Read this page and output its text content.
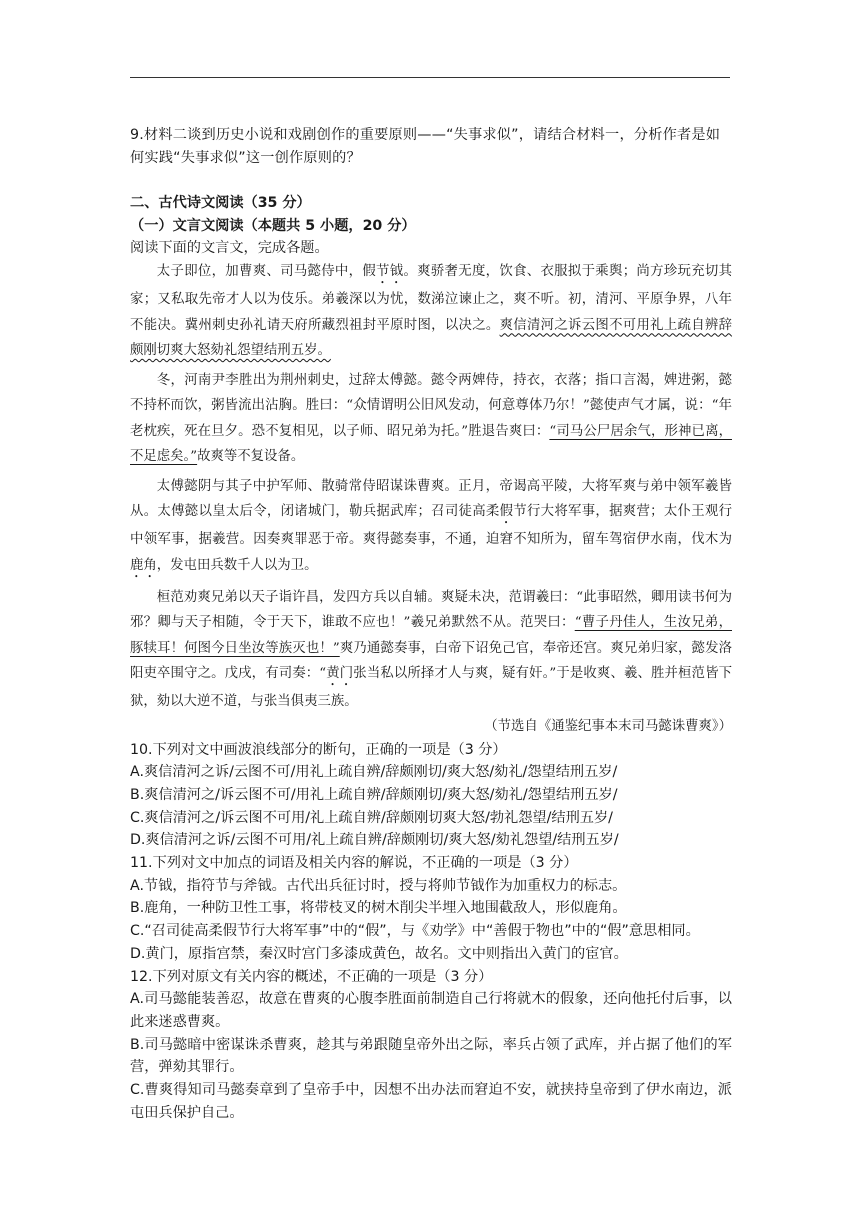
9.材料二谈到历史小说和戏剧创作的重要原则——“失事求似”，请结合材料一，分析作者是如何实践“失事求似”这一创作原则的？

二、古代诗文阅读（35 分）

（一）文言文阅读（本题共 5 小题，20 分）

阅读下面的文言文，完成各题。

太子即位，加曹爽、司马懿侍中，假节钺。爽骄奢无度，饮食、衣服拟于乘舆；尚方珍玩充切其家；又私取先帝才人以为伎乐。弟羲深以为忧，数涕泣谏止之，爽不听。初，清河、平原争界，八年不能决。冀州刺史孙礼请天府所藏烈祖封平原时图，以决之。爽信清河之诉云图不可用礼上疏自辨辞颇刚切爽大怒劾礼怨望结刑五岁。

冬，河南尹李胜出为荆州刺史，过辞太傅懿。懿令两婢侍，持衣，衣落；指口言渴，婢进粥，懿不持杯而饮，粥皆流出沾胸。胜曰：“众情谓明公旧风发动，何意尊体乃尔！”懿使声气才属，说：“年老枕疾，死在旦夕。恐不复相见，以子师、昭兄弟为托。”胜退告爽曰：“司马公尸居余气，形神已离，不足虑矣。”故爽等不复设备。

太傅懿阴与其子中护军师、散骑常侍昭谋诛曹爽。正月，帝谒高平陵，大将军爽与弟中领军羲皆从。太傅懿以皇太后令，闭诸城门，勒兵据武库；召司徒高柔假节行大将军事，据爽营；太仆王观行中领军事，据羲营。因奏爽罪恶于帝。爽得懿奏事，不通，迫窘不知所为，留车驾宿伊水南，伐木为鹿角，发屯田兵数千人以为卫。

桓范劝爽兄弟以天子诣许昌，发四方兵以自辅。爽疑未决，范谓羲曰：“此事昭然，卿用读书何为邪？卿与天子相随，令于天下，谁敢不应也！”羲兄弟默然不从。范哭曰：“曹子丹佳人，生汝兄弟，豚犊耳！何图今日坐汝等族灭也！”爽乃通懿奏事，白帝下诏免己官，奉帝还宫。爽兄弟归家，懿发洛阳吏卒围守之。戊戌，有司奏：“黄门张当私以所择才人与爽，疑有奸。”于是收爽、羲、胜并桓范皆下狱，劾以大逆不道，与张当俱夷三族。

（节选自《通鉴纪事本末司马懿诛曹爽》）

10.下列对文中画波浪线部分的断句，正确的一项是（3 分）

A.爽信清河之诉/云图不可/用礼上疏自辨/辞颇刚切/爽大怒/劾礼/怨望结刑五岁/

B.爽信清河之/诉云图不可/用礼上疏自辨/辞颇刚切/爽大怒/劾礼/怨望结刑五岁/

C.爽信清河之/诉云图不可用/礼上疏自辨/辞颇刚切爽大怒/勃礼怨望/结刑五岁/

D.爽信清河之诉/云图不可用/礼上疏自辨/辞颇刚切/爽大怒/劾礼怨望/结刑五岁/

11.下列对文中加点的词语及相关内容的解说，不正确的一项是（3 分）

A.节钺，指符节与斧钺。古代出兵征讨时，授与将帅节钺作为加重权力的标志。

B.鹿角，一种防卫性工事，将带枝叉的树木削尖半埋入地围截敌人，形似鹿角。

C.“召司徒高柔假节行大将军事”中的“假”，与《劝学》中“善假于物也”中的“假”意思相同。

D.黄门，原指宫禁，秦汉时宫门多漆成黄色，故名。文中则指出入黄门的宦官。

12.下列对原文有关内容的概述，不正确的一项是（3 分）

A.司马懿能装善忍，故意在曹爽的心腹李胜面前制造自己行将就木的假象，还向他托付后事，以此来迷惑曹爽。

B.司马懿暗中密谋诛杀曹爽，趁其与弟跟随皇帝外出之际，率兵占领了武库，并占据了他们的军营，弹劾其罪行。

C.曹爽得知司马懿奏章到了皇帝手中，因想不出办法而窘迫不安，就挟持皇帝到了伊水南边，派屯田兵保护自己。
